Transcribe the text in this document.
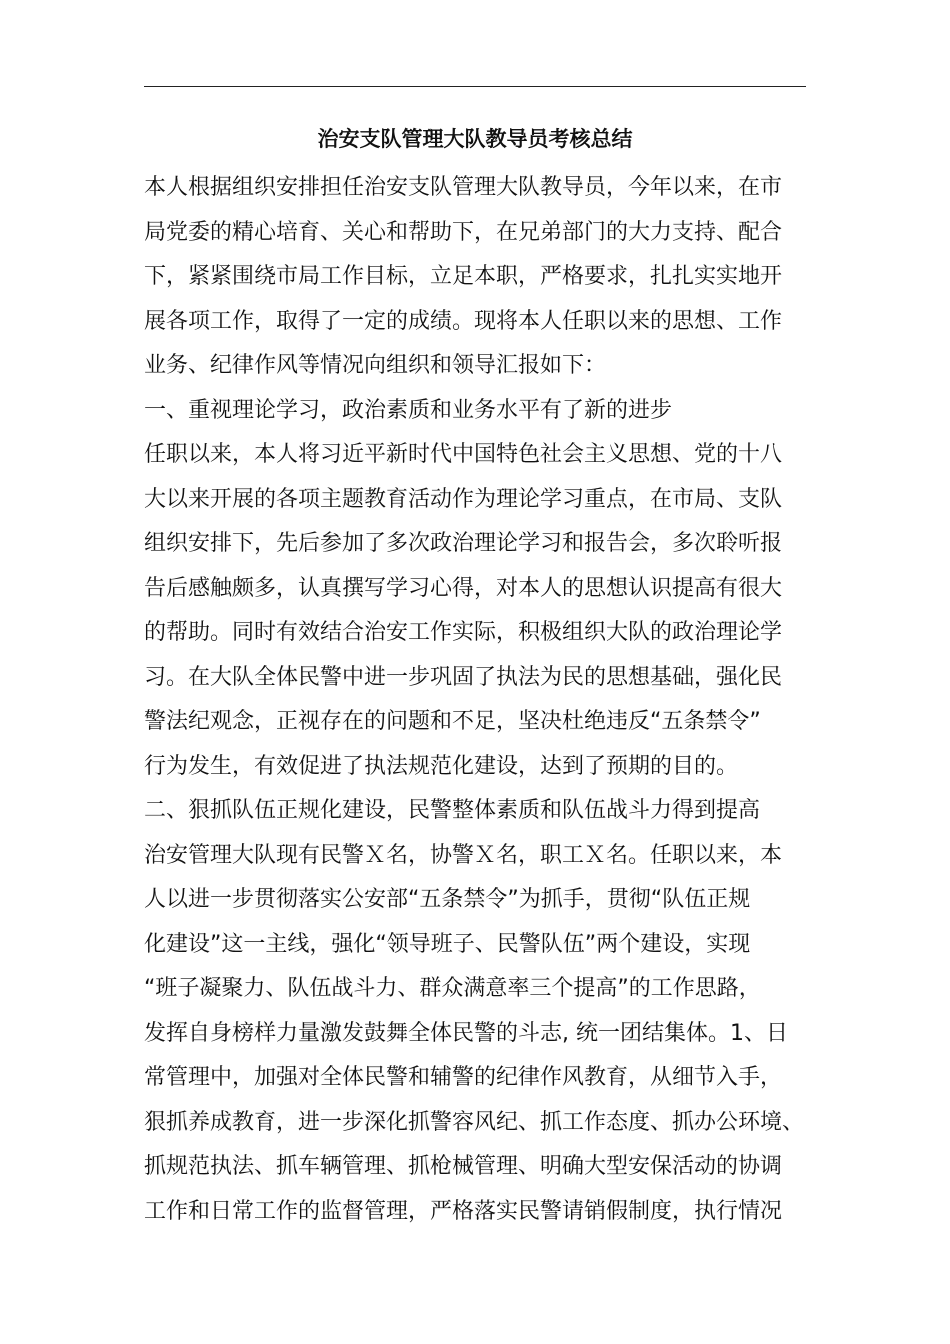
治安支队管理大队教导员考核总结
本人根据组织安排担任治安支队管理大队教导员，今年以来，在市
局党委的精心培育、关心和帮助下，在兄弟部门的大力支持、配合
下，紧紧围绕市局工作目标，立足本职，严格要求，扎扎实实地开
展各项工作，取得了一定的成绩。现将本人任职以来的思想、工作
业务、纪律作风等情况向组织和领导汇报如下：
一、重视理论学习，政治素质和业务水平有了新的进步
任职以来，本人将习近平新时代中国特色社会主义思想、党的十八
大以来开展的各项主题教育活动作为理论学习重点，在市局、支队
组织安排下，先后参加了多次政治理论学习和报告会，多次聆听报
告后感触颇多，认真撰写学习心得，对本人的思想认识提高有很大
的帮助。同时有效结合治安工作实际，积极组织大队的政治理论学
习。在大队全体民警中进一步巩固了执法为民的思想基础，强化民
警法纪观念，正视存在的问题和不足，坚决杜绝违反“五条禁令”
行为发生，有效促进了执法规范化建设，达到了预期的目的。
二、狠抓队伍正规化建设，民警整体素质和队伍战斗力得到提高
治安管理大队现有民警Ｘ名，协警Ｘ名，职工Ｘ名。任职以来，本
人以进一步贯彻落实公安部“五条禁令”为抓手，贯彻“队伍正规
化建设”这一主线，强化“领导班子、民警队伍”两个建设，实现
“班子凝聚力、队伍战斗力、群众满意率三个提高”的工作思路，
发挥自身榜样力量激发鼓舞全体民警的斗志, 统一团结集体。1、日
常管理中，加强对全体民警和辅警的纪律作风教育，从细节入手，
狠抓养成教育，进一步深化抓警容风纪、抓工作态度、抓办公环境、
抓规范执法、抓车辆管理、抓枪械管理、明确大型安保活动的协调
工作和日常工作的监督管理，严格落实民警请销假制度，执行情况
